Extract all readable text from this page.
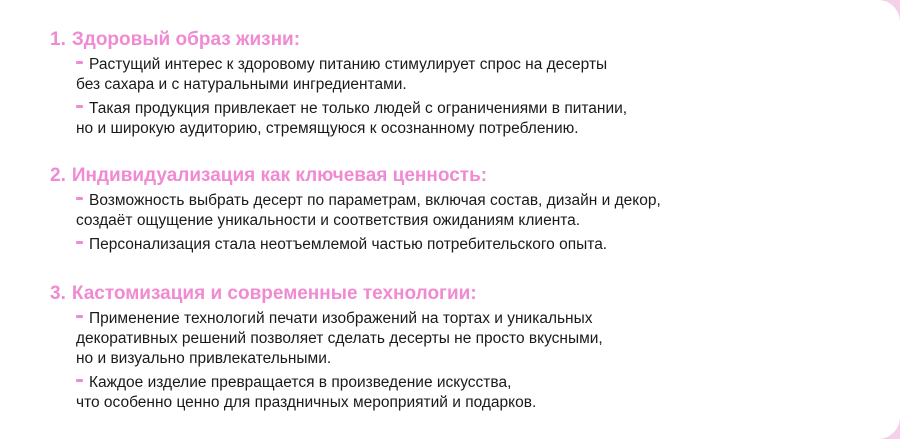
1. Здоровый образ жизни:
Растущий интерес к здоровому питанию стимулирует спрос на десерты
без сахара и с натуральными ингредиентами.
Такая продукция привлекает не только людей с ограничениями в питании,
но и широкую аудиторию, стремящуюся к осознанному потреблению.
2. Индивидуализация как ключевая ценность:
Возможность выбрать десерт по параметрам, включая состав, дизайн и декор,
создаёт ощущение уникальности и соответствия ожиданиям клиента.
Персонализация стала неотъемлемой частью потребительского опыта.
3. Кастомизация и современные технологии:
Применение технологий печати изображений на тортах и уникальных
декоративных решений позволяет сделать десерты не просто вкусными,
но и визуально привлекательными.
Каждое изделие превращается в произведение искусства,
что особенно ценно для праздничных мероприятий и подарков.
